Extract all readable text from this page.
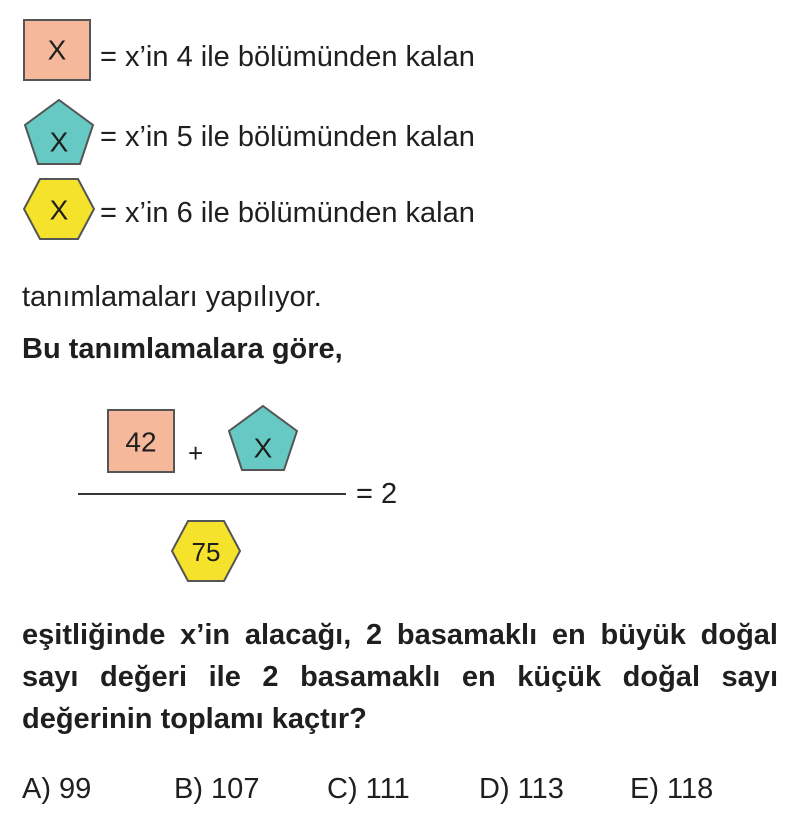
X = x’in 4 ile bölümünden kalan
X = x’in 5 ile bölümünden kalan
X = x’in 6 ile bölümünden kalan
tanımlamaları yapılıyor.
Bu tanımlamalara göre,
42 + X
= 2
75
eşitliğinde x’in alacağı, 2 basamaklı en büyük doğal
sayı değeri ile 2 basamaklı en küçük doğal sayı
değerinin toplamı kaçtır?
A) 99	B) 107 C) 111 D) 113 E) 118
